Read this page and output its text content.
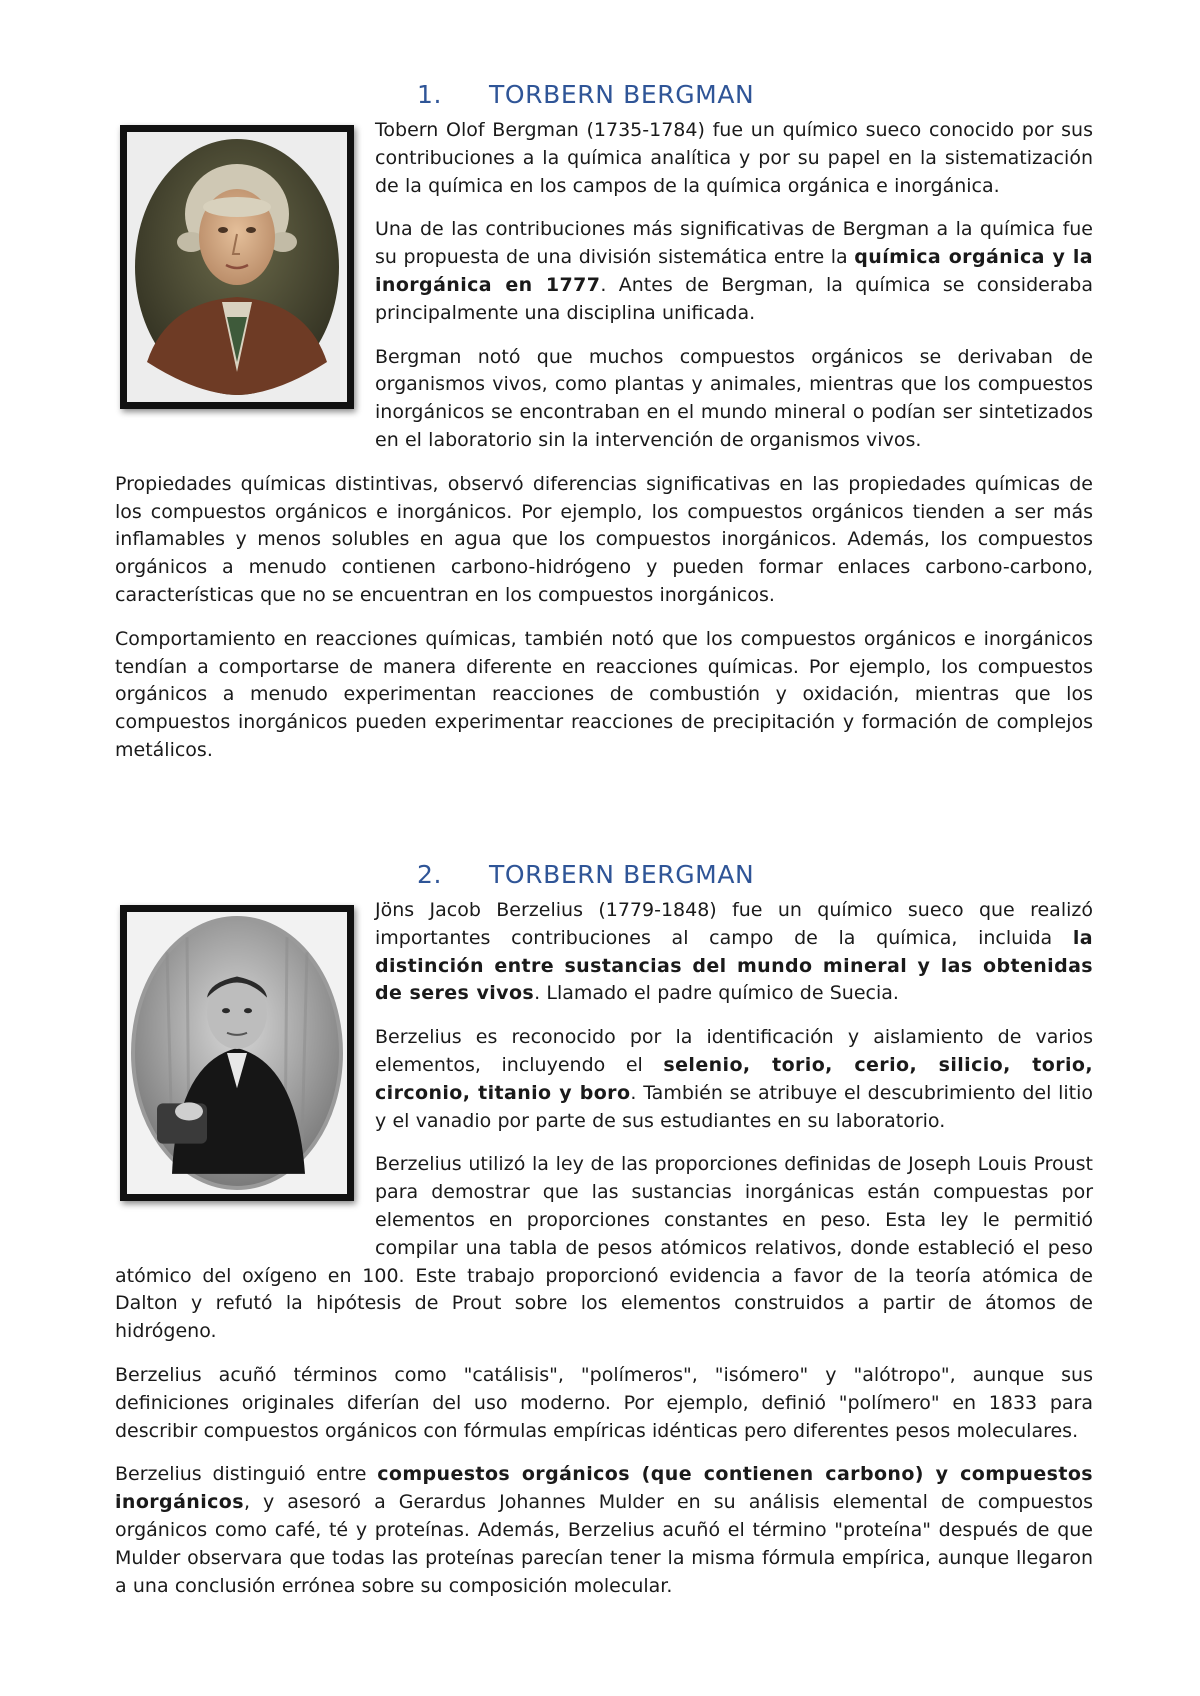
1. TORBERN BERGMAN

Tobern Olof Bergman (1735-1784) fue un químico sueco conocido por sus contribuciones a la química analítica y por su papel en la sistematización de la química en los campos de la química orgánica e inorgánica.

Una de las contribuciones más significativas de Bergman a la química fue su propuesta de una división sistemática entre la química orgánica y la inorgánica en 1777. Antes de Bergman, la química se consideraba principalmente una disciplina unificada.

Bergman notó que muchos compuestos orgánicos se derivaban de organismos vivos, como plantas y animales, mientras que los compuestos inorgánicos se encontraban en el mundo mineral o podían ser sintetizados en el laboratorio sin la intervención de organismos vivos.

Propiedades químicas distintivas, observó diferencias significativas en las propiedades químicas de los compuestos orgánicos e inorgánicos. Por ejemplo, los compuestos orgánicos tienden a ser más inflamables y menos solubles en agua que los compuestos inorgánicos. Además, los compuestos orgánicos a menudo contienen carbono-hidrógeno y pueden formar enlaces carbono-carbono, características que no se encuentran en los compuestos inorgánicos.

Comportamiento en reacciones químicas, también notó que los compuestos orgánicos e inorgánicos tendían a comportarse de manera diferente en reacciones químicas. Por ejemplo, los compuestos orgánicos a menudo experimentan reacciones de combustión y oxidación, mientras que los compuestos inorgánicos pueden experimentar reacciones de precipitación y formación de complejos metálicos.

2. TORBERN BERGMAN

Jöns Jacob Berzelius (1779-1848) fue un químico sueco que realizó importantes contribuciones al campo de la química, incluida la distinción entre sustancias del mundo mineral y las obtenidas de seres vivos. Llamado el padre químico de Suecia.

Berzelius es reconocido por la identificación y aislamiento de varios elementos, incluyendo el selenio, torio, cerio, silicio, torio, circonio, titanio y boro. También se atribuye el descubrimiento del litio y el vanadio por parte de sus estudiantes en su laboratorio.

Berzelius utilizó la ley de las proporciones definidas de Joseph Louis Proust para demostrar que las sustancias inorgánicas están compuestas por elementos en proporciones constantes en peso. Esta ley le permitió compilar una tabla de pesos atómicos relativos, donde estableció el peso atómico del oxígeno en 100. Este trabajo proporcionó evidencia a favor de la teoría atómica de Dalton y refutó la hipótesis de Prout sobre los elementos construidos a partir de átomos de hidrógeno.

Berzelius acuñó términos como "catálisis", "polímeros", "isómero" y "alótropo", aunque sus definiciones originales diferían del uso moderno. Por ejemplo, definió "polímero" en 1833 para describir compuestos orgánicos con fórmulas empíricas idénticas pero diferentes pesos moleculares.

Berzelius distinguió entre compuestos orgánicos (que contienen carbono) y compuestos inorgánicos, y asesoró a Gerardus Johannes Mulder en su análisis elemental de compuestos orgánicos como café, té y proteínas. Además, Berzelius acuñó el término "proteína" después de que Mulder observara que todas las proteínas parecían tener la misma fórmula empírica, aunque llegaron a una conclusión errónea sobre su composición molecular.
